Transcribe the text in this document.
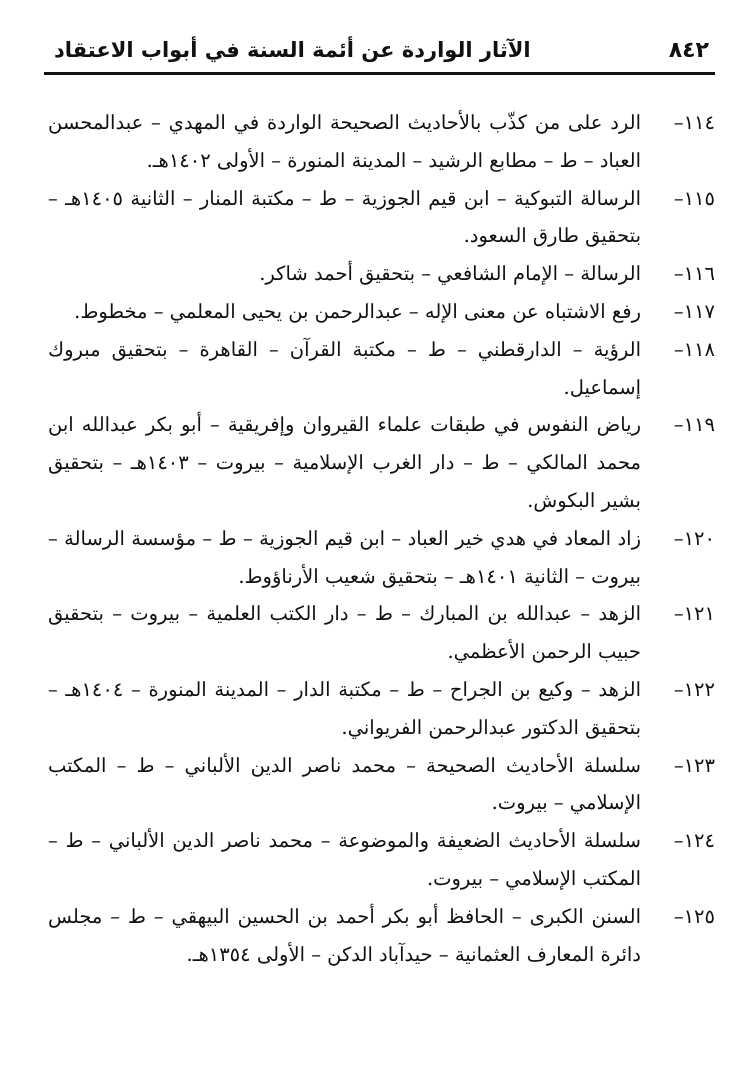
٨٤٢
الآثار الواردة عن أئمة السنة في أبواب الاعتقاد
١١٤–
الرد على من كذّب بالأحاديث الصحيحة الواردة في المهدي – عبدالمحسن العباد – ط – مطابع الرشيد – المدينة المنورة – الأولى ١٤٠٢هـ.
١١٥–
الرسالة التبوكية – ابن قيم الجوزية – ط – مكتبة المنار – الثانية ١٤٠٥هـ – بتحقيق طارق السعود.
١١٦–
الرسالة – الإمام الشافعي – بتحقيق أحمد شاكر.
١١٧–
رفع الاشتباه عن معنى الإله – عبدالرحمن بن يحيى المعلمي – مخطوط.
١١٨–
الرؤية – الدارقطني – ط – مكتبة القرآن – القاهرة – بتحقيق مبروك إسماعيل.
١١٩–
رياض النفوس في طبقات علماء القيروان وإفريقية – أبو بكر عبدالله ابن محمد المالكي – ط – دار الغرب الإسلامية – بيروت – ١٤٠٣هـ – بتحقيق بشير البكوش.
١٢٠–
زاد المعاد في هدي خير العباد – ابن قيم الجوزية – ط – مؤسسة الرسالة – بيروت – الثانية ١٤٠١هـ – بتحقيق شعيب الأرناؤوط.
١٢١–
الزهد – عبدالله بن المبارك – ط – دار الكتب العلمية – بيروت – بتحقيق حبيب الرحمن الأعظمي.
١٢٢–
الزهد – وكيع بن الجراح – ط – مكتبة الدار – المدينة المنورة – ١٤٠٤هـ – بتحقيق الدكتور عبدالرحمن الفريواني.
١٢٣–
سلسلة الأحاديث الصحيحة – محمد ناصر الدين الألباني – ط – المكتب الإسلامي – بيروت.
١٢٤–
سلسلة الأحاديث الضعيفة والموضوعة – محمد ناصر الدين الألباني – ط – المكتب الإسلامي – بيروت.
١٢٥–
السنن الكبرى – الحافظ أبو بكر أحمد بن الحسين البيهقي – ط – مجلس دائرة المعارف العثمانية – حيدآباد الدكن – الأولى ١٣٥٤هـ.
